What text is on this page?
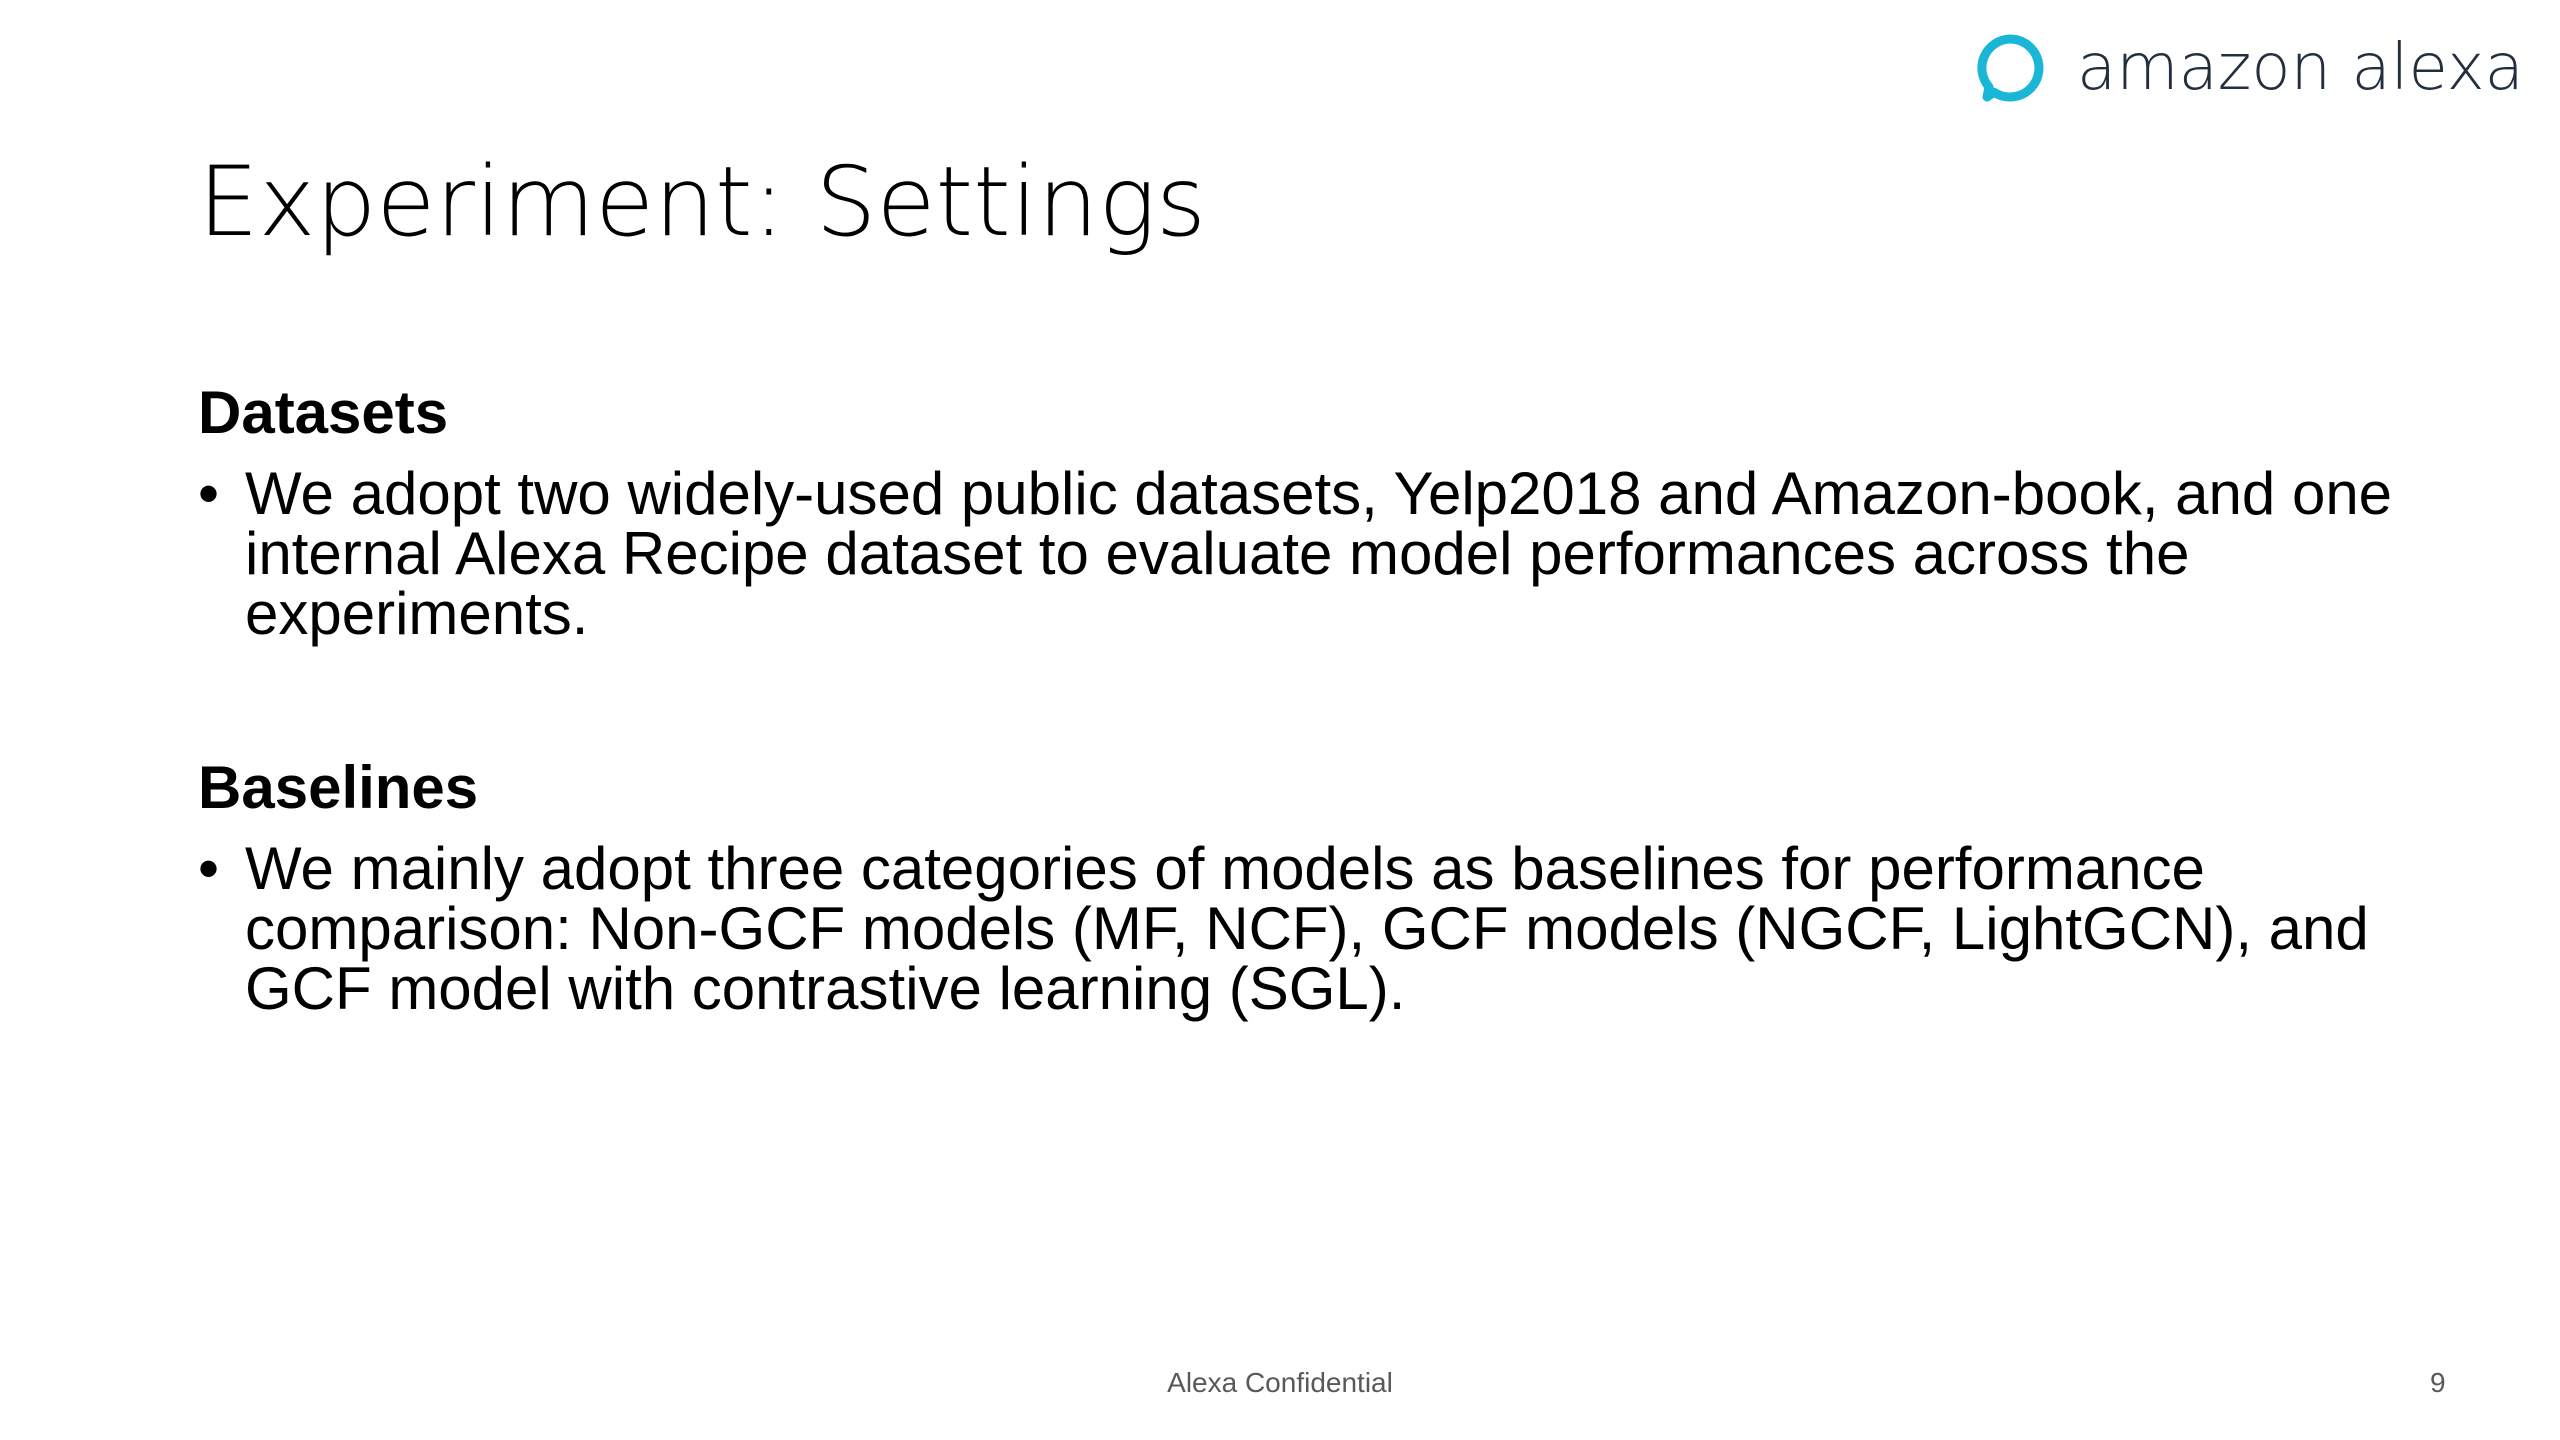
amazon alexa
Experiment: Settings
Datasets
• We adopt two widely-used public datasets, Yelp2018 and Amazon-book, and one internal Alexa Recipe dataset to evaluate model performances across the experiments.
Baselines
• We mainly adopt three categories of models as baselines for performance comparison: Non-GCF models (MF, NCF), GCF models (NGCF, LightGCN), and GCF model with contrastive learning (SGL).
Alexa Confidential	9
